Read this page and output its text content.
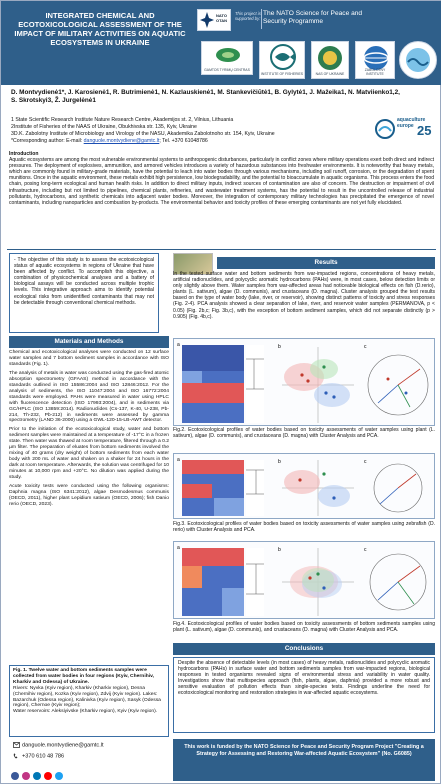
INTEGRATED CHEMICAL AND ECOTOXICOLOGICAL ASSESSMENT OF THE IMPACT OF MILITARY ACTIVITIES ON AQUATIC ECOSYSTEMS IN UKRAINE
NATO OTAN
This project is supported by:
The NATO Science for Peace and Security Programme
GAMTOS TYRIMŲ CENTRAS
INSTITUTE OF FISHERIES	NAS OF UKRAINE
ZABOLOTNY INSTITUTE
D. Montvydienė1*, J. Karosienė1, R. Butrimienė1, N. Kazlauskienė1, M. Stankevičiūtė1, B. Gylytė1, J. Mažeika1, N. Matviienko1,2, S. Skrotskyi3, Ž. Jurgelėnė1
1 State Scientific Research Institute Nature Research Centre, Akademijos st. 2, Vilnius, Lithuania
2Institute of Fisheries of the NAAS of Ukraine, Obukhivska str. 135, Kyiv, Ukraine
3D.K. Zabolotny Institute of Microbiology and Virology of the NASU, Akademika Zabolotnoho str. 154, Kyiv, Ukraine
*Corresponding author: E-mail: danguole.montvydiene@gamtc.lt; Tel. +370 61048786
aquaculture europe 25
Introduction
Aquatic ecosystems are among the most vulnerable environmental systems to anthropogenic disturbances, particularly in conflict zones where military operations exert both direct and indirect pressures. The deployment of explosives, ammunition, and armored vehicles introduces a variety of hazardous substances into freshwater environments. It is noteworthy that heavy metals, which are commonly found in military-grade materials, have the potential to leach into water bodies through various mechanisms, including soil runoff, corrosion, or the degradation of spent munitions. Once in the aquatic environment, these metals exhibit high persistence, low biodegradability, and the potential to bioaccumulate in aquatic organisms. This process enters the food chain, posing long-term ecological and human health risks. In addition to direct military inputs, indirect sources of contamination are also of concern. The destruction or impairment of civil infrastructure, including but not limited to pipelines, chemical plants, refineries, and wastewater treatment systems, has the potential to result in the uncontrolled release of industrial pollutants, hydrocarbons, and synthetic chemicals into adjacent water bodies. Moreover, the integration of contemporary military technologies has precipitated the emergence of novel contaminants, including nanoparticles and combustion by-products. The environmental behavior and toxicity profiles of these emerging contaminants are not yet fully elucidated.
- The objective of this study is to assess the ecotoxicological status of aquatic ecosystems in regions of Ukraine that have been affected by conflict. To accomplish this objective, a combination of physicochemical analyses and a battery of biological assays will be conducted across multiple trophic levels. This integrative approach aims to identify potential ecological risks from unidentified contaminants that may not be detectable through conventional chemical methods.
Materials and Methods

Chemical and ecotoxicological analyses were conducted on 12 surface water samples and 7 bottom sediment samples in accordance with ISO standards (Fig. 1).

The analysis of metals in water was conducted using the gas-fired atomic absorption spectrometry (GFAAS) method in accordance with the standards outlined in ISO 15586:2004 and ISO 12846:2012. For the analysis of sediments, the ISO 11047:2004 and ISO 16772:2004 standards were employed. PAHs were measured in water using HPLC with fluorescence detection (ISO 17993:2004), and in sediments via GC/HPLC (ISO 13859:2014). Radionuclides (Cs-137, K-40, U-238, Pb-214, Th-232, Pb-212) in sediments were assessed by gamma spectrometry (LAND 36-2000) using a GWL-120-15-LB-AWT detector.

Prior to the initiation of the ecotoxicological study, water and bottom sediment samples were maintained at a temperature of -17°C in a frozen state. Then water was thawed at room temperature, filtered through a 0.2 µm filter. The preparation of eluates from bottom sediments involved the mixing of 40 grams (dry weight) of bottom sediments from each water body with 200 mL of water and shaken on a shaker for 24 hours in the dark at room temperature. Afterwards, the solution was centrifuged for 10 minutes at 10,000 rpm and +20°C. No dilution was applied during the study.

Acute toxicity tests were conducted using the following organisms: Daphnia magna (ISO 6341:2012), algae Desmodesmus communis (OECD, 2011), higher plant Lepidium sativum (OECD, 2006); fish Danio rerio (OECD, 2023).

Fig. 1. Twelve water and bottom sediments samples were collected from water bodies in four regions (Kyiv, Chernihiv, Kharkiv and Odessa) of Ukraine.
Rivers: Nyvka (Kyiv region), Kharkiv (Kharkiv region), Desna (Chernihiv region), Kozka (Kyiv region), Zdvij (Kyiv region). Lakes: Bazarchuk (Odessa region), Kalinivka (Kyiv region), Sasyk (Odessa region), Chernoe (Kyiv region);
Water reservoirs: Aleksiyivske (Kharkiv region), Kyiv (Kyiv region).
danguole.montvydiene@gamtc.lt
+370 610 48 786
Results
In the tested surface water and bottom sediments from war-impacted regions, concentrations of heavy metals, artificial radionuclides, and polycyclic aromatic hydrocarbons (PAHs) were, in most cases, below detection limits or only slightly above them. Water samples from war-affected areas had noticeable biological effects on fish (D.rerio), plants (L. sativum), algae (D. communis), and crustaceans (D. magna). Cluster analysis grouped the test results based on the type of water body (lake, river, or reservoir), showing distinct patterns of toxicity and stress responses (Fig. 2-4). PCA analysis showed a clear separation of lake, river, and reservoir water samples (PERMANOVA, p < 0.05) (Fig. 2b,c; Fig. 3b,c), with the exception of bottom sediment samples, which did not separate distinctly (p > 0.905) (Fig. 4b,c).
a	b	c
Fig.2. Ecotoxicological profiles of water bodies based on toxicity assessments of water samples using plant (L. sativum), algae (D. communis), and crustaceans (D. magna) with Cluster Analysis and PCA.
a	b	c
Fig.3. Ecotoxicological profiles of water bodies based on toxicity assessments of water samples using zebrafish (D. rerio) with Cluster Analysis and PCA.
a	b	c
Fig.4. Ecotoxicological profiles of water bodies based on toxicity assessments of bottom sediments samples using plant (L. sativum), algae (D. communis), and crustaceans (D. magna) with Cluster Analysis and PCA.
Conclusions
Despite the absence of detectable levels (in most cases) of heavy metals, radionuclides and polycyclic aromatic hydrocarbons (PAHs) in surface water and bottom sediments samples from war-impacted regions, biological responses in tested organisms revealed signs of environmental stress and variability in water quality. Investigations show that multispecies approach (fish, plants, algae, daphnia) provided a more robust and sensitive evaluation of pollution effects than single-species tests. Findings underline the need for ecotoxicological monitoring and restoration strategies in war-affected aquatic ecosystems.
This work is funded by the NATO Science for Peace and Security Program Project "Creating a Strategy for Assessing and Restoring War-affected Aquatic Ecosystem" (No. G6085)
